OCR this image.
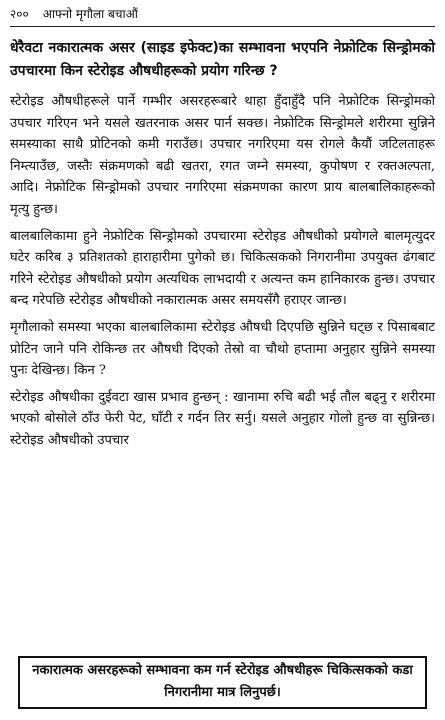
२०० आफ्नो मृगौला बचाऔं
धेरैवटा नकारात्मक असर (साइड इफेक्ट)का सम्भावना भएपनि नेफ्रोटिक सिन्ड्रोमको उपचारमा किन स्टेरोइड औषधीहरूको प्रयोग गरिन्छ ?

स्टेरोइड औषधीहरूले पार्ने गम्भीर असरहरूबारे थाहा हुँदाहुँदै पनि नेफ्रोटिक सिन्ड्रोमको उपचार गरिएन भने यसले खतरनाक असर पार्न सक्छ। नेफ्रोटिक सिन्ड्रोमले शरीरमा सुन्निने समस्याका साथै प्रोटिनको कमी गराउँछ। उपचार नगरिएमा यस रोगले कैयौं जटिलताहरू निम्त्याउँछ, जस्तैः संक्रमणको बढी खतरा, रगत जम्ने समस्या, कुपोषण र रक्तअल्पता, आदि। नेफ्रोटिक सिन्ड्रोमको उपचार नगरिएमा संक्रमणका कारण प्राय बालबालिकाहरूको मृत्यु हुन्छ।

बालबालिकामा हुने नेफ्रोटिक सिन्ड्रोमको उपचारमा स्टेरोइड औषधीको प्रयोगले बालमृत्युदर घटेर करिब ३ प्रतिशतको हाराहारीमा पुगेको छ। चिकित्सकको निगरानीमा उपयुक्त ढंगबाट गरिने स्टेरोइड औषधीको प्रयोग अत्यधिक लाभदायी र अत्यन्त कम हानिकारक हुन्छ। उपचार बन्द गरेपछि स्टेरोइड औषधीको नकारात्मक असर समयसँगै हराएर जान्छ।

मृगौलाको समस्या भएका बालबालिकामा स्टेरोइड औषधी दिएपछि सुन्निने घट्छ र पिसाबबाट प्रोटिन जाने पनि रोकिन्छ तर औषधी दिएको तेस्रो वा चौथो हप्तामा अनुहार सुन्निने समस्या पुनः देखिन्छ। किन ?

स्टेरोइड औषधीका दुईवटा खास प्रभाव हुन्छन् : खानामा रुचि बढी भई तौल बढ्नु र शरीरमा भएको बोसोले ठाँउ फेरी पेट, घाँटी र गर्दन तिर सर्नु। यसले अनुहार गोलो हुन्छ वा सुन्निन्छ। स्टेरोइड औषधीको उपचार

नकारात्मक असरहरूको सम्भावना कम गर्न स्टेरोइड औषधीहरू चिकित्सकको कडा निगरानीमा मात्र लिनुपर्छ।
